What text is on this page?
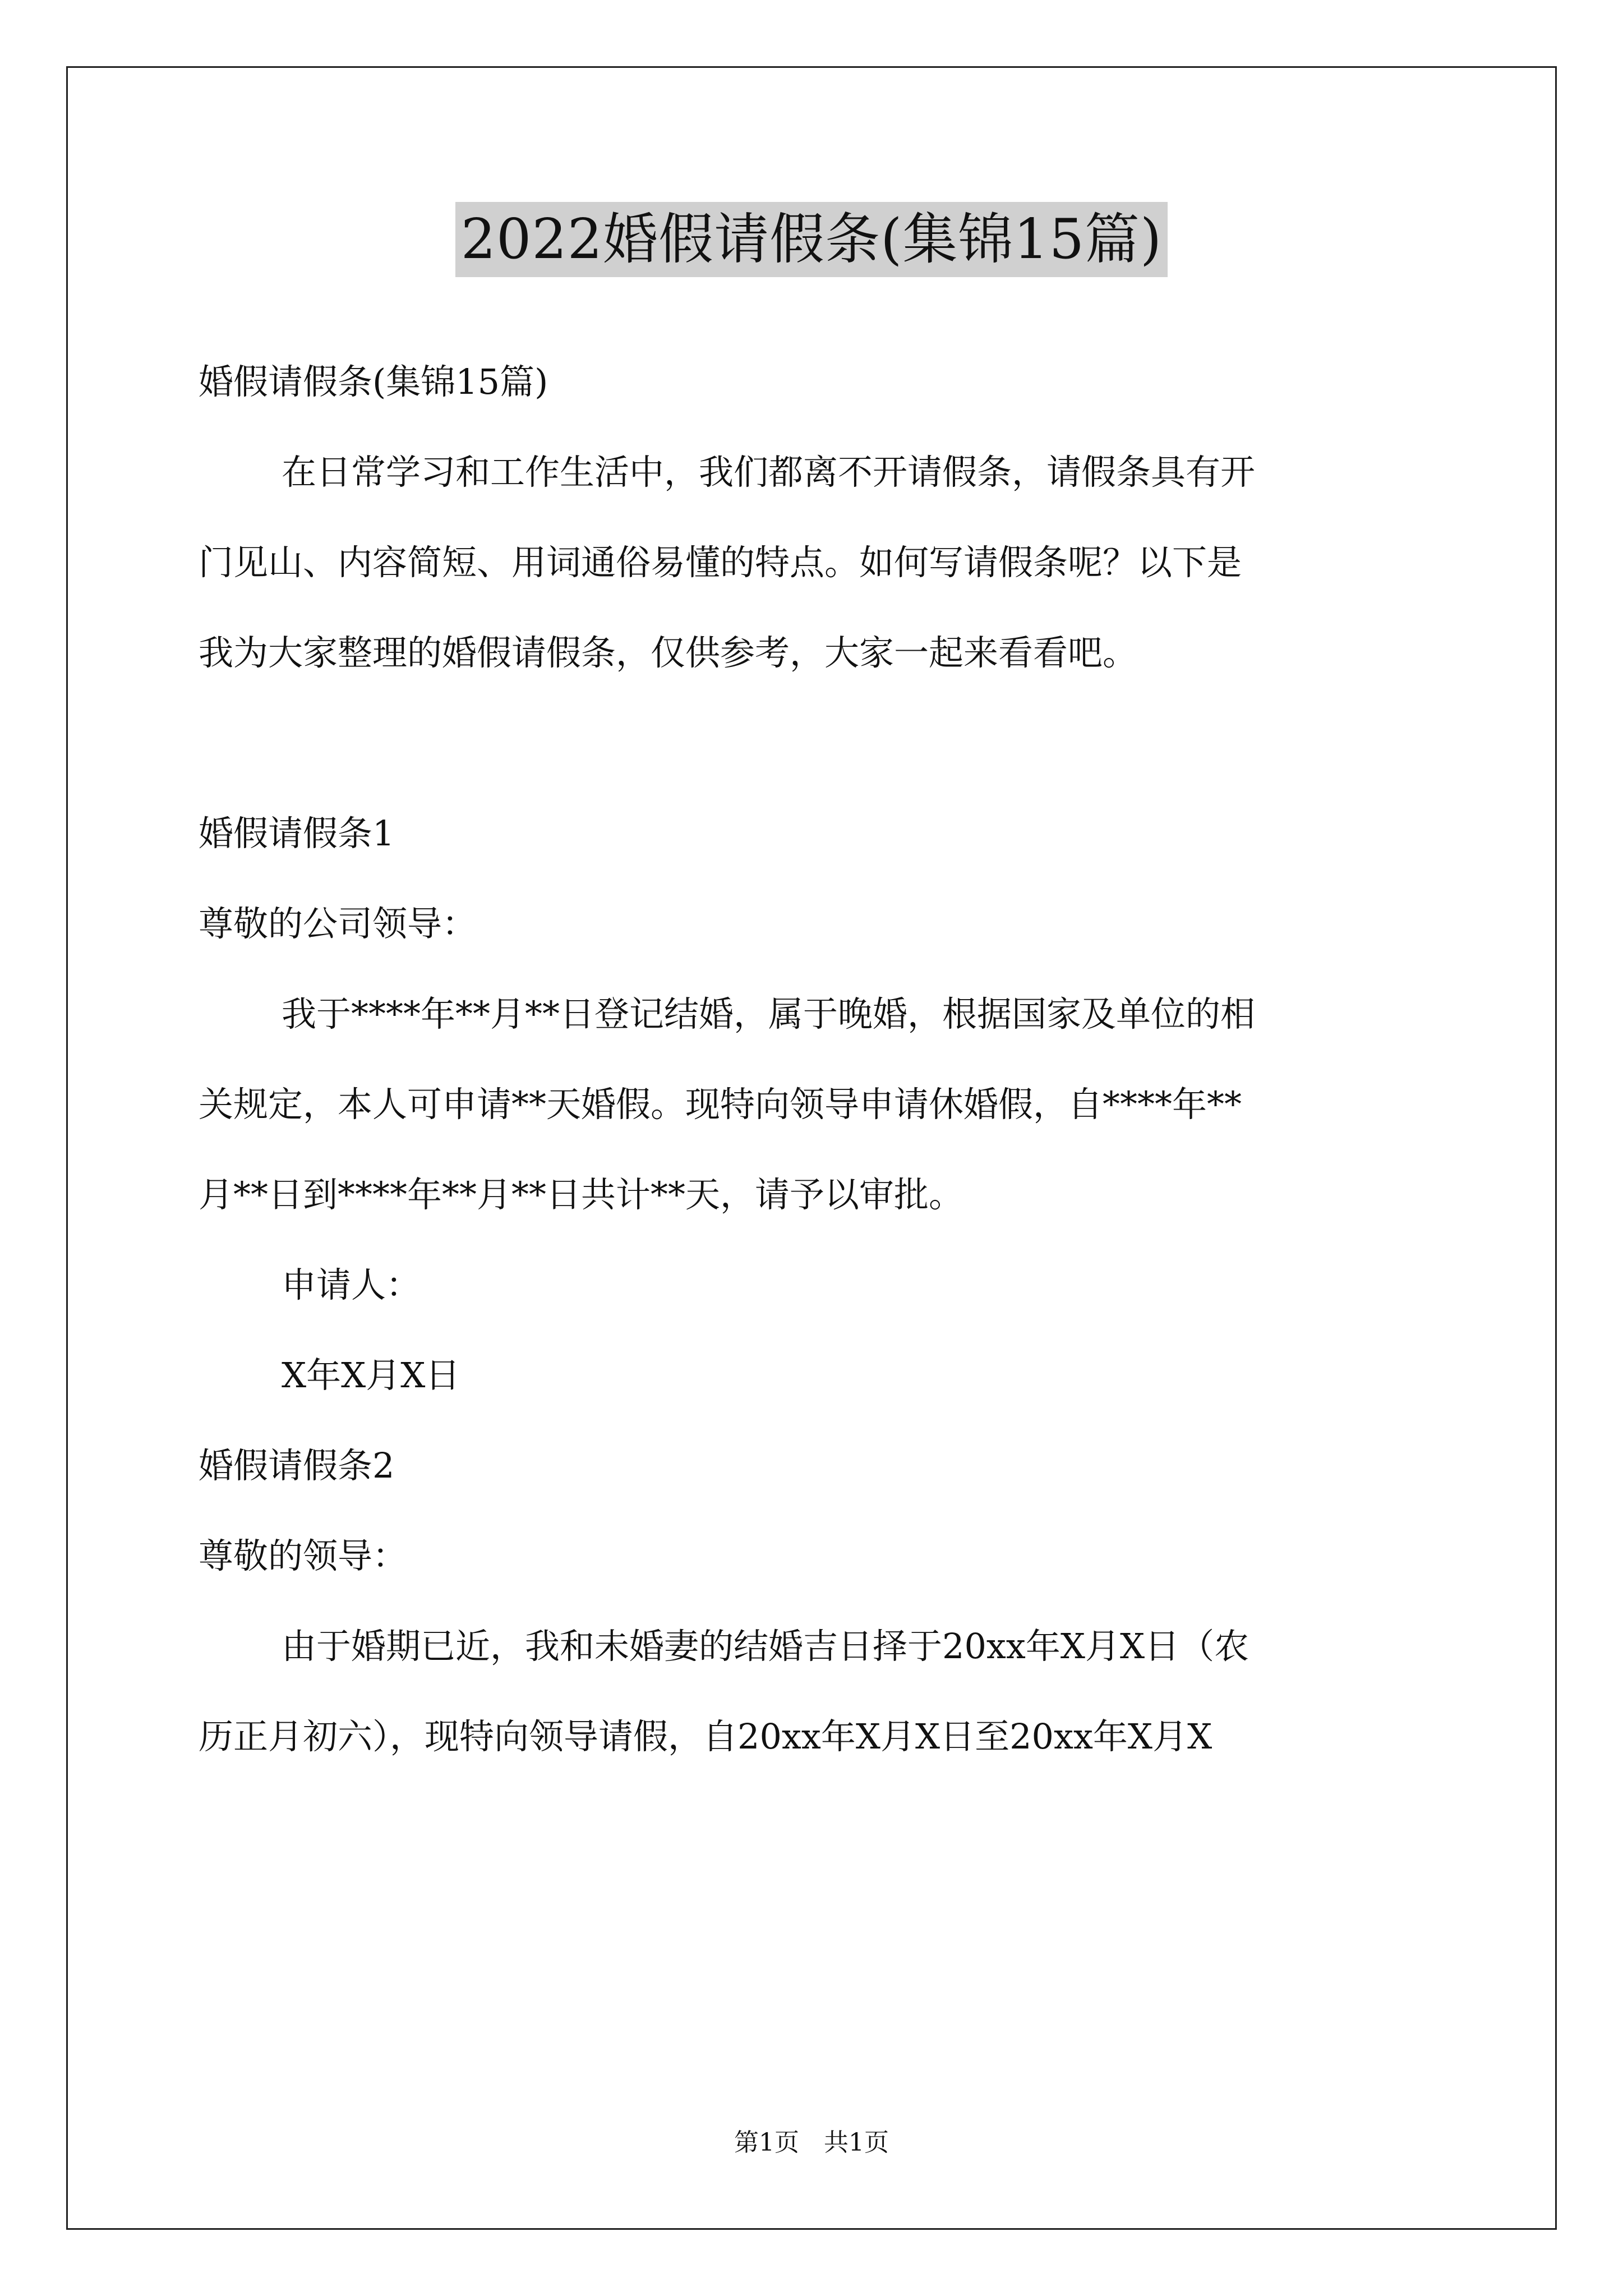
2022婚假请假条(集锦15篇)
婚假请假条(集锦15篇)
在日常学习和工作生活中，我们都离不开请假条，请假条具有开
门见山、内容简短、用词通俗易懂的特点。如何写请假条呢？以下是
我为大家整理的婚假请假条，仅供参考，大家一起来看看吧。
婚假请假条1
尊敬的公司领导：
我于****年**月**日登记结婚，属于晚婚，根据国家及单位的相
关规定，本人可申请**天婚假。现特向领导申请休婚假，自****年**
月**日到****年**月**日共计**天，请予以审批。
申请人：
X年X月X日
婚假请假条2
尊敬的领导：
由于婚期已近，我和未婚妻的结婚吉日择于20xx年X月X日（农
历正月初六），现特向领导请假，自20xx年X月X日至20xx年X月X
第1页　共1页
